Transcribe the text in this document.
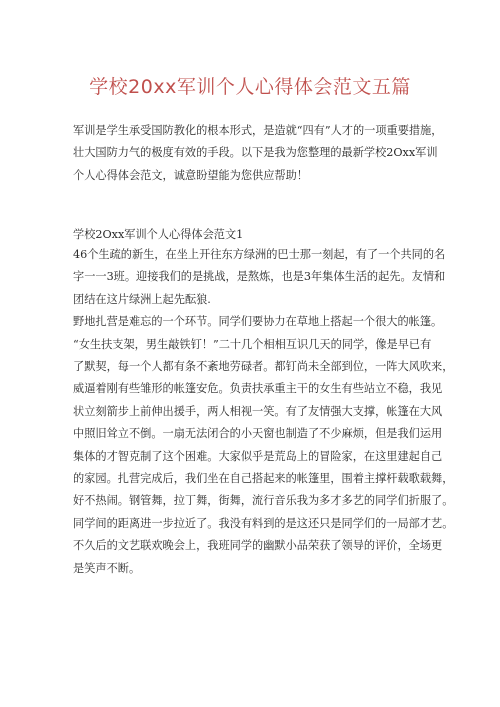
学校20xx军训个人心得体会范文五篇
军训是学生承受国防教化的根本形式，是造就“四有”人才的一项重要措施，
壮大国防力气的极度有效的手段。以下是我为您整理的最新学校2Oxx军训
个人心得体会范文，诚意盼望能为您供应帮助！
学校2Oxx军训个人心得体会范文1
46个生疏的新生，在坐上开往东方绿洲的巴士那一刻起，有了一个共同的名
字一一3班。迎接我们的是挑战，是熬炼，也是3年集体生活的起先。友情和
团结在这片绿洲上起先酝狼.
野地扎营是难忘的一个环节。同学们要协力在草地上搭起一个很大的帐篷。
“女生扶支架，男生敲铁钉！”二十几个相相互识几天的同学，像是早已有
了默契，每一个人都有条不紊地劳碌者。都钉尚未全部到位，一阵大风吹来，
威逼着刚有些雏形的帐篷安危。负责扶承重主干的女生有些站立不稳，我见
状立刻箭步上前伸出援手，两人相视一笑。有了友情强大支撑，帐篷在大风
中照旧耸立不倒。一扇无法闭合的小天窗也制造了不少麻烦，但是我们运用
集体的才智克制了这个困难。大家似乎是荒岛上的冒险家，在这里建起自己
的家园。扎营完成后，我们坐在自己搭起来的帐篷里，围着主撑杆载歌载舞，
好不热闹。钢管舞，拉丁舞，街舞，流行音乐我为多才多艺的同学们折服了。
同学间的距离进一步拉近了。我没有料到的是这还只是同学们的一局部才艺。
不久后的文艺联欢晚会上，我班同学的幽默小品荣获了领导的评价，全场更
是笑声不断。
